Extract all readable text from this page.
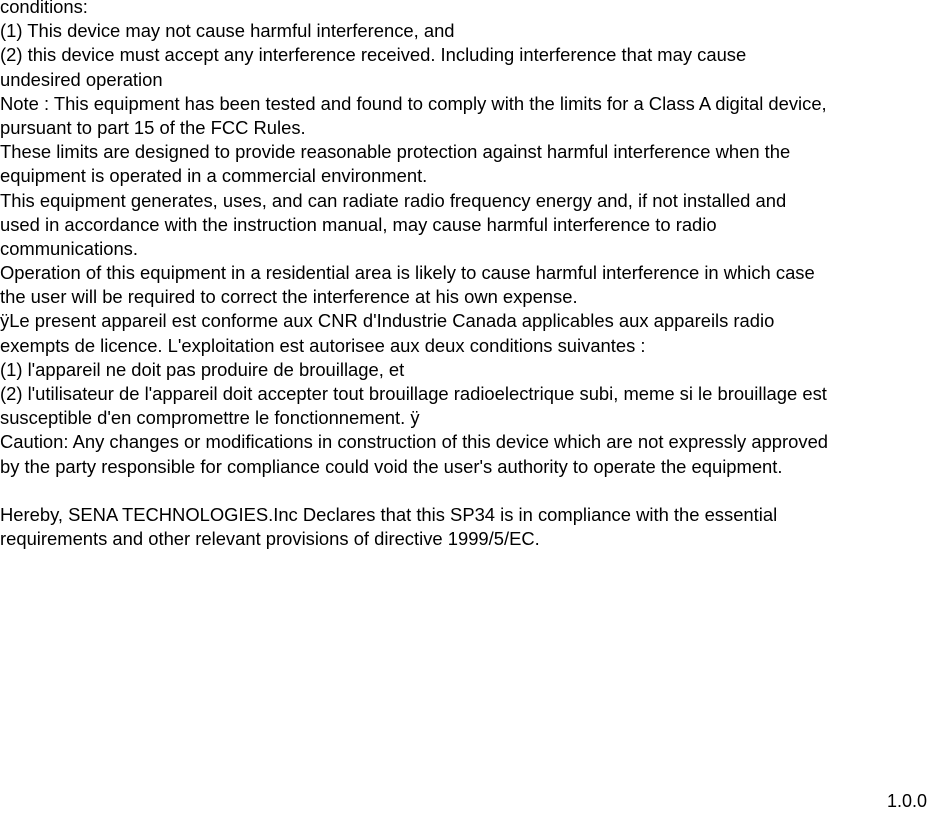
conditions:
(1) This device may not cause harmful interference, and
(2) this device must accept any interference received. Including interference that may cause
undesired operation
Note : This equipment has been tested and found to comply with the limits for a Class A digital device,
pursuant to part 15 of the FCC Rules.
These limits are designed to provide reasonable protection against harmful interference when the
equipment is operated in a commercial environment.
This equipment generates, uses, and can radiate radio frequency energy and, if not installed and
used in accordance with the instruction manual, may cause harmful interference to radio
communications.
Operation of this equipment in a residential area is likely to cause harmful interference in which case
the user will be required to correct the interference at his own expense.
ÿLe present appareil est conforme aux CNR d'Industrie Canada applicables aux appareils radio
exempts de licence. L'exploitation est autorisee aux deux conditions suivantes :
(1) l'appareil ne doit pas produire de brouillage, et
(2) l'utilisateur de l'appareil doit accepter tout brouillage radioelectrique subi, meme si le brouillage est
susceptible d'en compromettre le fonctionnement. ÿ
Caution: Any changes or modifications in construction of this device which are not expressly approved
by the party responsible for compliance could void the user's authority to operate the equipment.
Hereby, SENA TECHNOLOGIES.Inc Declares that this SP34 is in compliance with the essential
requirements and other relevant provisions of directive 1999/5/EC.
1.0.0
